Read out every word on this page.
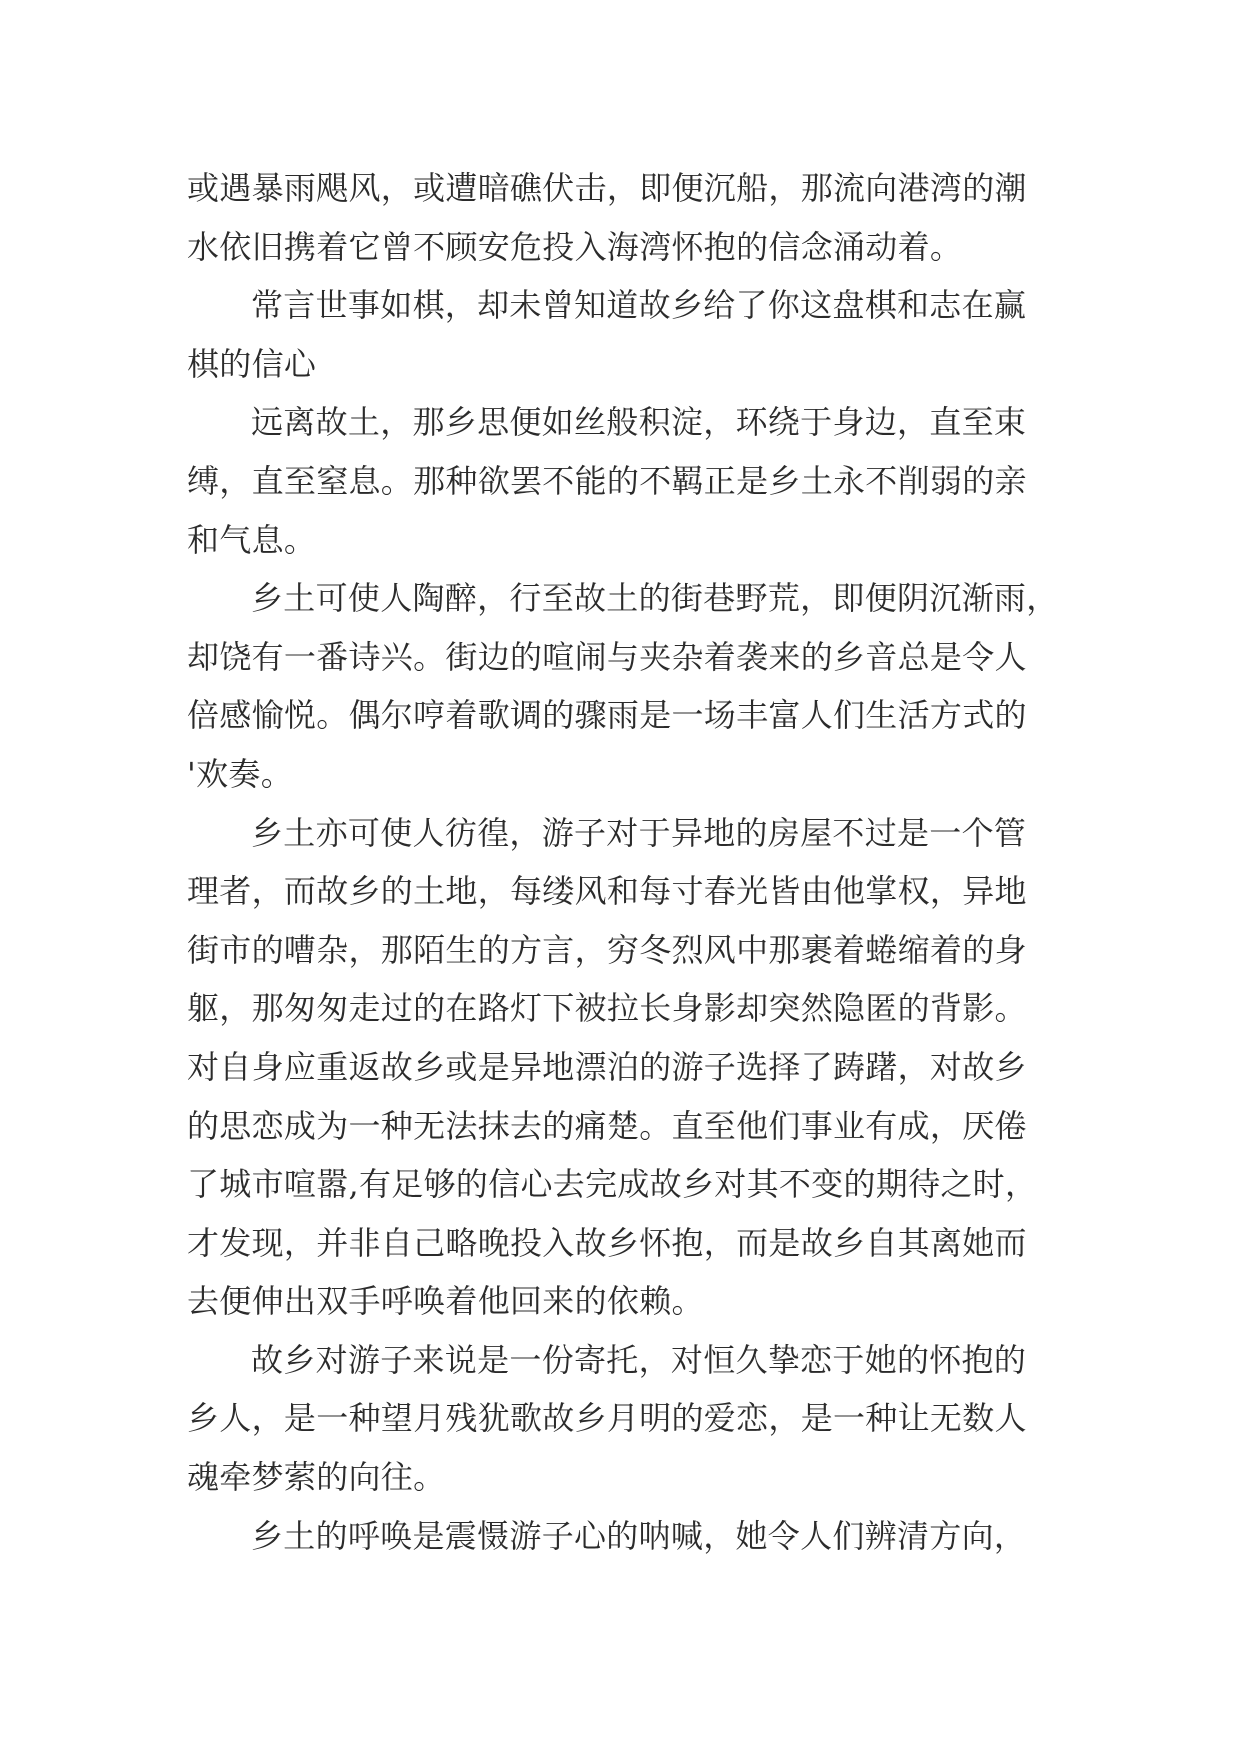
或遇暴雨飓风，或遭暗礁伏击，即便沉船，那流向港湾的潮
水依旧携着它曾不顾安危投入海湾怀抱的信念涌动着。
常言世事如棋，却未曾知道故乡给了你这盘棋和志在赢
棋的信心
远离故土，那乡思便如丝般积淀，环绕于身边，直至束
缚，直至窒息。那种欲罢不能的不羁正是乡土永不削弱的亲
和气息。
乡土可使人陶醉，行至故土的街巷野荒，即便阴沉渐雨，
却饶有一番诗兴。街边的喧闹与夹杂着袭来的乡音总是令人
倍感愉悦。偶尔哼着歌调的骤雨是一场丰富人们生活方式的
'欢奏。
乡土亦可使人彷徨，游子对于异地的房屋不过是一个管
理者，而故乡的土地，每缕风和每寸春光皆由他掌权，异地
街市的嘈杂，那陌生的方言，穷冬烈风中那裹着蜷缩着的身
躯，那匆匆走过的在路灯下被拉长身影却突然隐匿的背影。
对自身应重返故乡或是异地漂泊的游子选择了踌躇，对故乡
的思恋成为一种无法抹去的痛楚。直至他们事业有成，厌倦
了城市喧嚣,有足够的信心去完成故乡对其不变的期待之时，
才发现，并非自己略晚投入故乡怀抱，而是故乡自其离她而
去便伸出双手呼唤着他回来的依赖。
故乡对游子来说是一份寄托，对恒久挚恋于她的怀抱的
乡人，是一种望月残犹歌故乡月明的爱恋，是一种让无数人
魂牵梦萦的向往。
乡土的呼唤是震慑游子心的呐喊，她令人们辨清方向，
